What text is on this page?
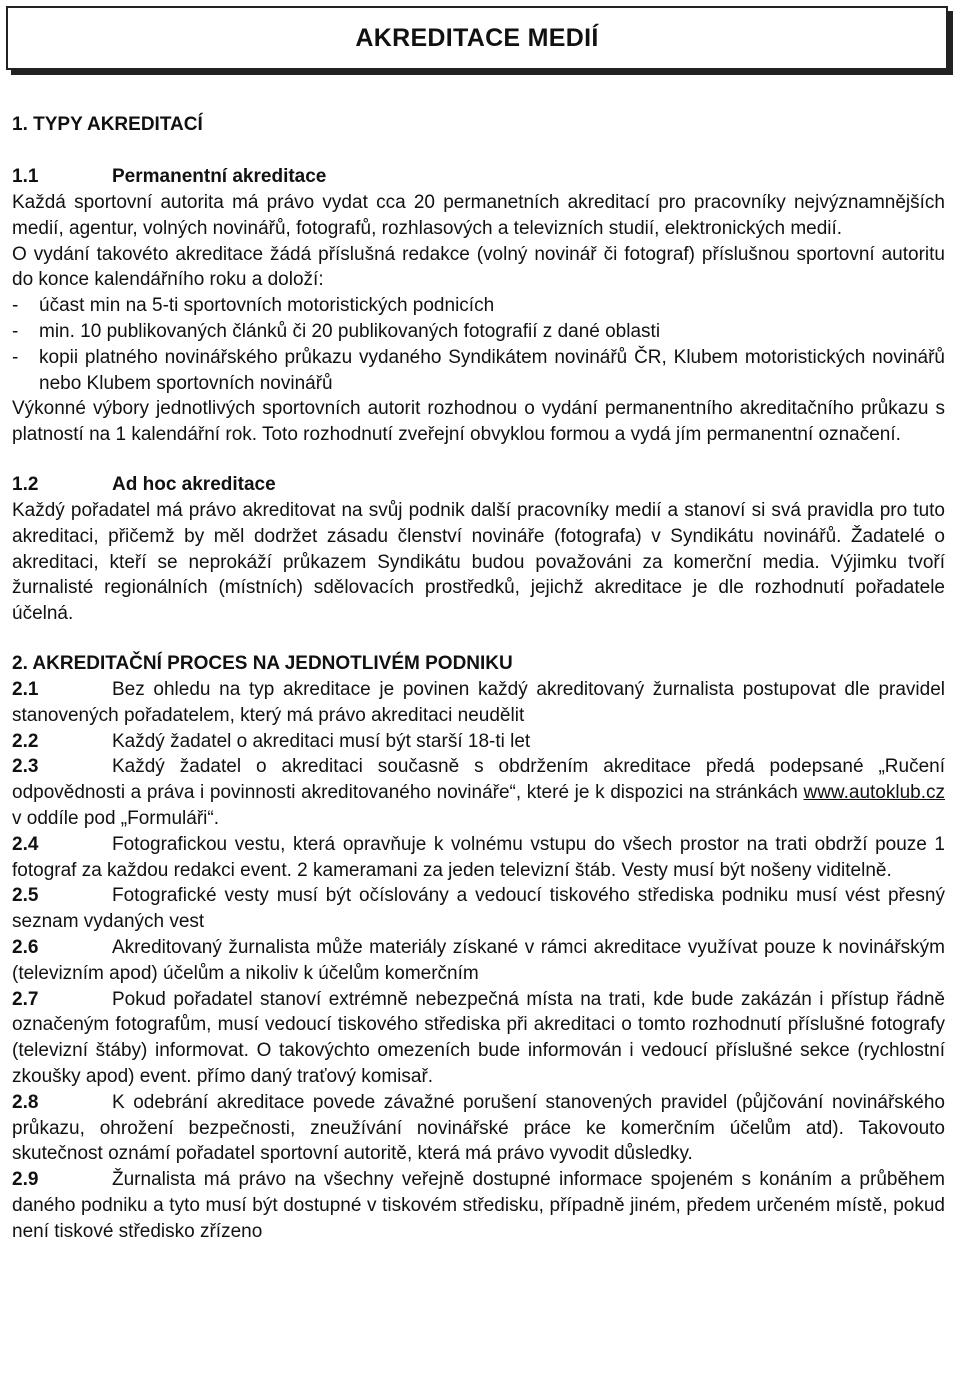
AKREDITACE MEDIÍ

1. TYPY AKREDITACÍ

1.1	Permanentní akreditace

Každá sportovní autorita má právo vydat cca 20 permanetních akreditací pro pracovníky nejvýznamnějších medií, agentur, volných novinářů, fotografů, rozhlasových a televizních studií, elektronických medií.

O vydání takovéto akreditace žádá příslušná redakce (volný novinář či fotograf) příslušnou sportovní autoritu do konce kalendářního roku a doloží:

-	účast min na 5-ti sportovních motoristických podnicích
-	min. 10 publikovaných článků či 20 publikovaných fotografií z dané oblasti
-	kopii platného novinářského průkazu vydaného Syndikátem novinářů ČR, Klubem motoristických novinářů nebo Klubem sportovních novinářů

Výkonné výbory jednotlivých sportovních autorit rozhodnou o vydání permanentního akreditačního průkazu s platností na 1 kalendářní rok. Toto rozhodnutí zveřejní obvyklou formou a vydá jím permanentní označení.

1.2	Ad hoc akreditace

Každý pořadatel má právo akreditovat na svůj podnik další pracovníky medií a stanoví si svá pravidla pro tuto akreditaci, přičemž by měl dodržet zásadu členství novináře (fotografa) v Syndikátu novinářů. Žadatelé o akreditaci, kteří se neprokáží průkazem Syndikátu budou považováni za komerční media. Výjimku tvoří žurnalisté regionálních (místních) sdělovacích prostředků, jejichž akreditace je dle rozhodnutí pořadatele účelná.

2. AKREDITAČNÍ PROCES NA JEDNOTLIVÉM PODNIKU

2.1	Bez ohledu na typ akreditace je povinen každý akreditovaný žurnalista postupovat dle pravidel stanovených pořadatelem, který má právo akreditaci neudělit

2.2	Každý žadatel o akreditaci musí být starší 18-ti let

2.3	Každý žadatel o akreditaci současně s obdržením akreditace předá podepsané „Ručení odpovědnosti a práva i povinnosti akreditovaného novináře“, které je k dispozici na stránkách www.autoklub.cz v oddíle pod „Formuláři“.

2.4	Fotografickou vestu, která opravňuje k volnému vstupu do všech prostor na trati obdrží pouze 1 fotograf za každou redakci event. 2 kameramani za jeden televizní štáb. Vesty musí být nošeny viditelně.

2.5	Fotografické vesty musí být očíslovány a vedoucí tiskového střediska podniku musí vést přesný seznam vydaných vest

2.6	Akreditovaný žurnalista může materiály získané v rámci akreditace využívat pouze k novinářským (televizním apod) účelům a nikoliv k účelům komerčním

2.7	Pokud pořadatel stanoví extrémně nebezpečná místa na trati, kde bude zakázán i přístup řádně označeným fotografům, musí vedoucí tiskového střediska při akreditaci o tomto rozhodnutí příslušné fotografy (televizní štáby) informovat. O takovýchto omezeních bude informován i vedoucí příslušné sekce (rychlostní zkoušky apod) event. přímo daný traťový komisař.

2.8	K odebrání akreditace povede závažné porušení stanovených pravidel (půjčování novinářského průkazu, ohrožení bezpečnosti, zneužívání novinářské práce ke komerčním účelům atd). Takovouto skutečnost oznámí pořadatel sportovní autoritě, která má právo vyvodit důsledky.

2.9	Žurnalista má právo na všechny veřejně dostupné informace spojeném s konáním a průběhem daného podniku a tyto musí být dostupné v tiskovém středisku, případně jiném, předem určeném místě, pokud není tiskové středisko zřízeno
